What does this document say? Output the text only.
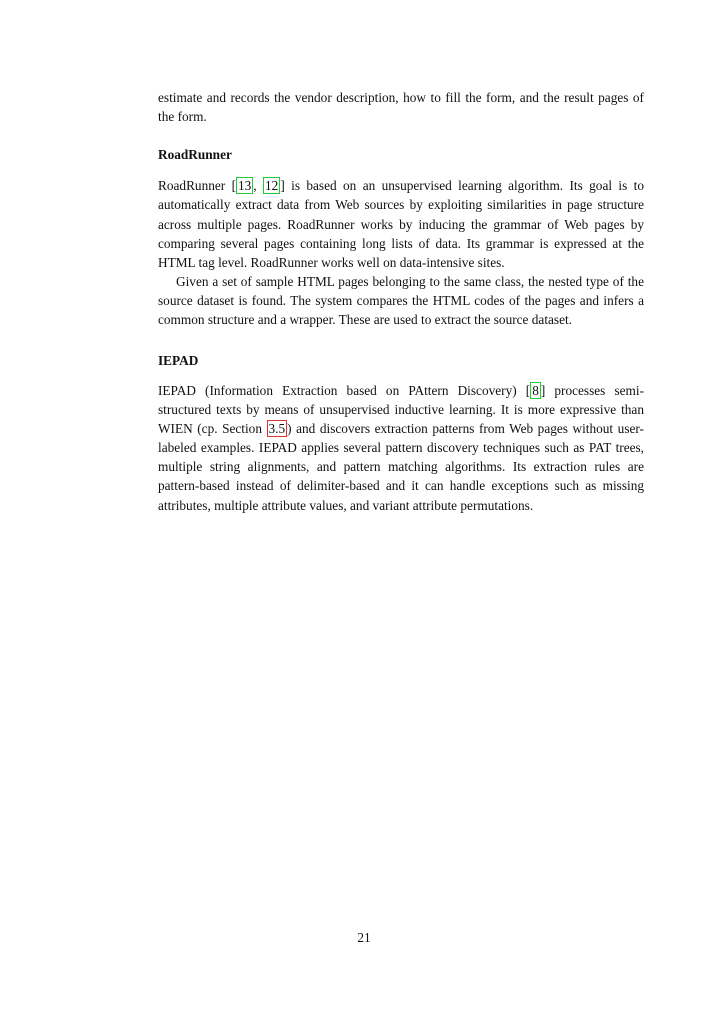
estimate and records the vendor description, how to fill the form, and the result pages of the form.

RoadRunner

RoadRunner [ 13 , 12 ] is based on an unsupervised learning algorithm. Its goal is to automatically extract data from Web sources by exploiting similarities in page structure across multiple pages. RoadRunner works by inducing the grammar of Web pages by comparing several pages containing long lists of data. Its grammar is expressed at the HTML tag level. RoadRunner works well on data-intensive sites.

Given a set of sample HTML pages belonging to the same class, the nested type of the source dataset is found. The system compares the HTML codes of the pages and infers a common structure and a wrapper. These are used to extract the source dataset.

IEPAD

IEPAD (Information Extraction based on PAttern Discovery) [ 8 ] processes semi-structured texts by means of unsupervised inductive learning. It is more expressive than WIEN (cp. Section 3.5 ) and discovers extraction patterns from Web pages without user-labeled examples. IEPAD applies several pattern discovery techniques such as PAT trees, multiple string alignments, and pattern matching algorithms. Its extraction rules are pattern-based instead of delimiter-based and it can handle exceptions such as missing attributes, multiple attribute values, and variant attribute permutations.

21
